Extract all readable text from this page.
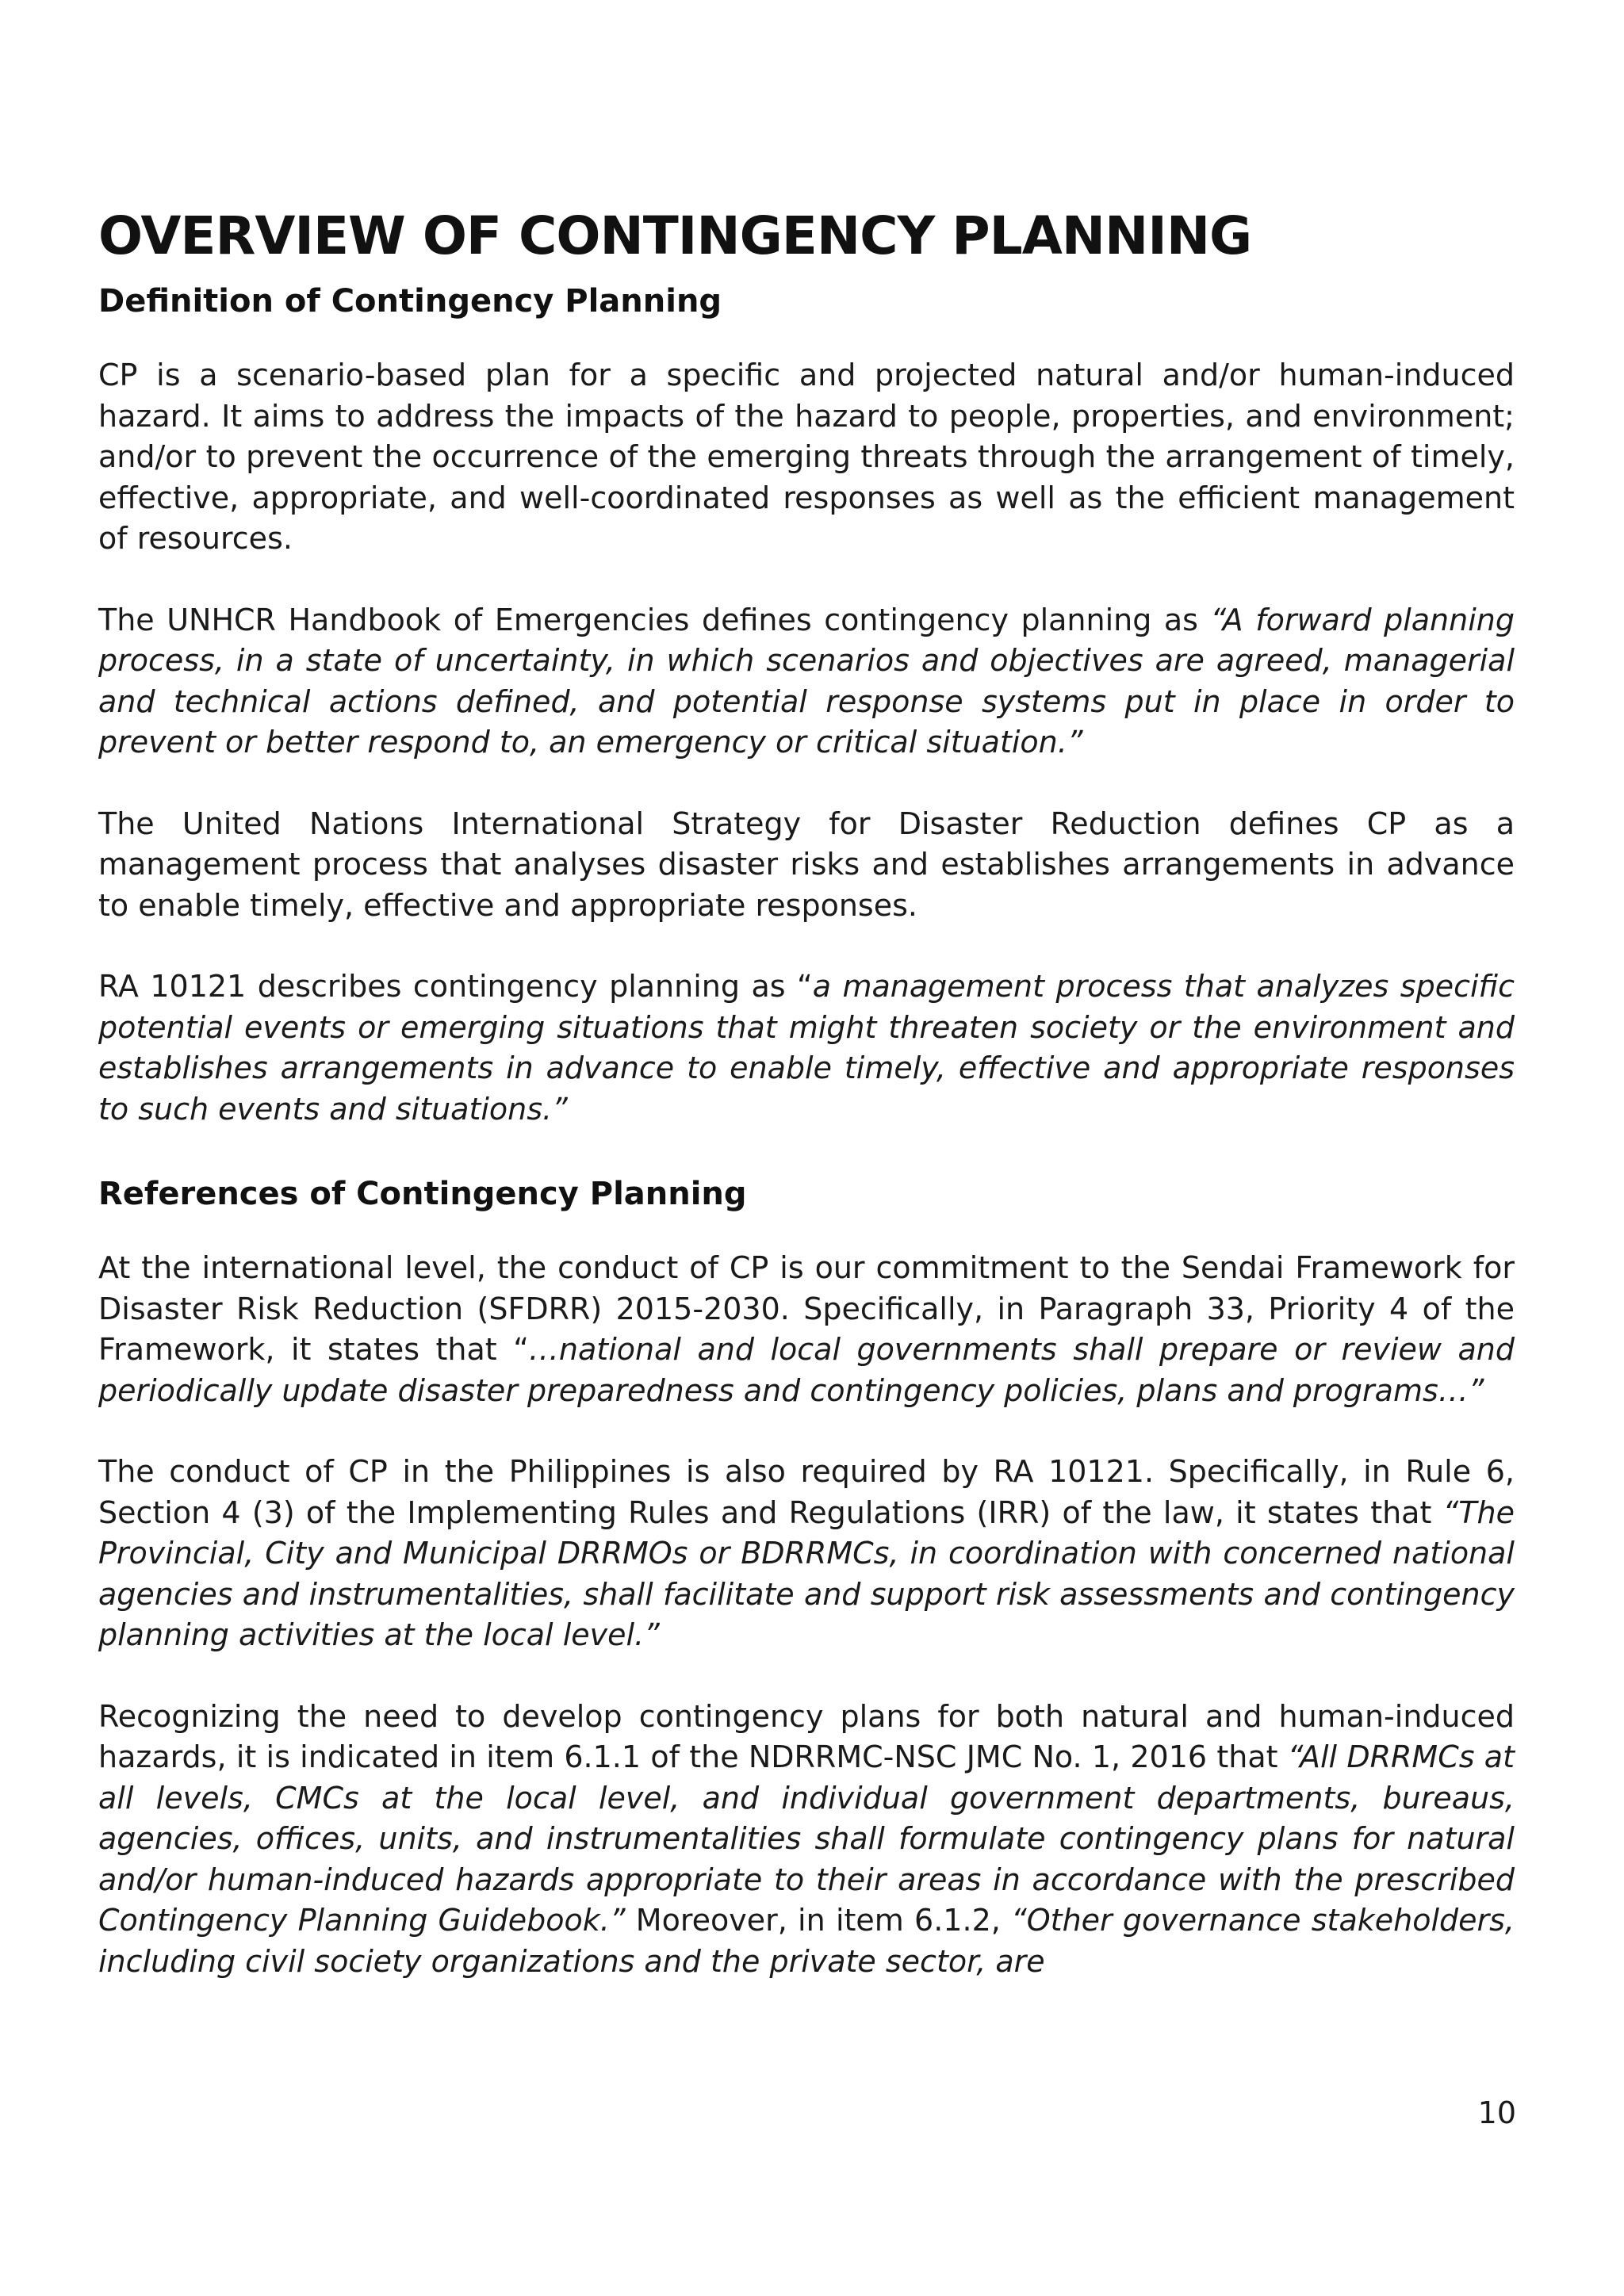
OVERVIEW OF CONTINGENCY PLANNING
Definition of Contingency Planning

CP is a scenario-based plan for a specific and projected natural and/or human-induced hazard. It aims to address the impacts of the hazard to people, properties, and environment; and/or to prevent the occurrence of the emerging threats through the arrangement of timely, effective, appropriate, and well-coordinated responses as well as the efficient management of resources.

The UNHCR Handbook of Emergencies defines contingency planning as “A forward planning process, in a state of uncertainty, in which scenarios and objectives are agreed, managerial and technical actions defined, and potential response systems put in place in order to prevent or better respond to, an emergency or critical situation.”

The United Nations International Strategy for Disaster Reduction defines CP as a management process that analyses disaster risks and establishes arrangements in advance to enable timely, effective and appropriate responses.

RA 10121 describes contingency planning as “a management process that analyzes specific potential events or emerging situations that might threaten society or the environment and establishes arrangements in advance to enable timely, effective and appropriate responses to such events and situations.”

References of Contingency Planning

At the international level, the conduct of CP is our commitment to the Sendai Framework for Disaster Risk Reduction (SFDRR) 2015-2030. Specifically, in Paragraph 33, Priority 4 of the Framework, it states that “…national and local governments shall prepare or review and periodically update disaster preparedness and contingency policies, plans and programs…”

The conduct of CP in the Philippines is also required by RA 10121. Specifically, in Rule 6, Section 4 (3) of the Implementing Rules and Regulations (IRR) of the law, it states that “The Provincial, City and Municipal DRRMOs or BDRRMCs, in coordination with concerned national agencies and instrumentalities, shall facilitate and support risk assessments and contingency planning activities at the local level.”

Recognizing the need to develop contingency plans for both natural and human-induced hazards, it is indicated in item 6.1.1 of the NDRRMC-NSC JMC No. 1, 2016 that “All DRRMCs at all levels, CMCs at the local level, and individual government departments, bureaus, agencies, offices, units, and instrumentalities shall formulate contingency plans for natural and/or human-induced hazards appropriate to their areas in accordance with the prescribed Contingency Planning Guidebook.” Moreover, in item 6.1.2, “Other governance stakeholders, including civil society organizations and the private sector, are

10
